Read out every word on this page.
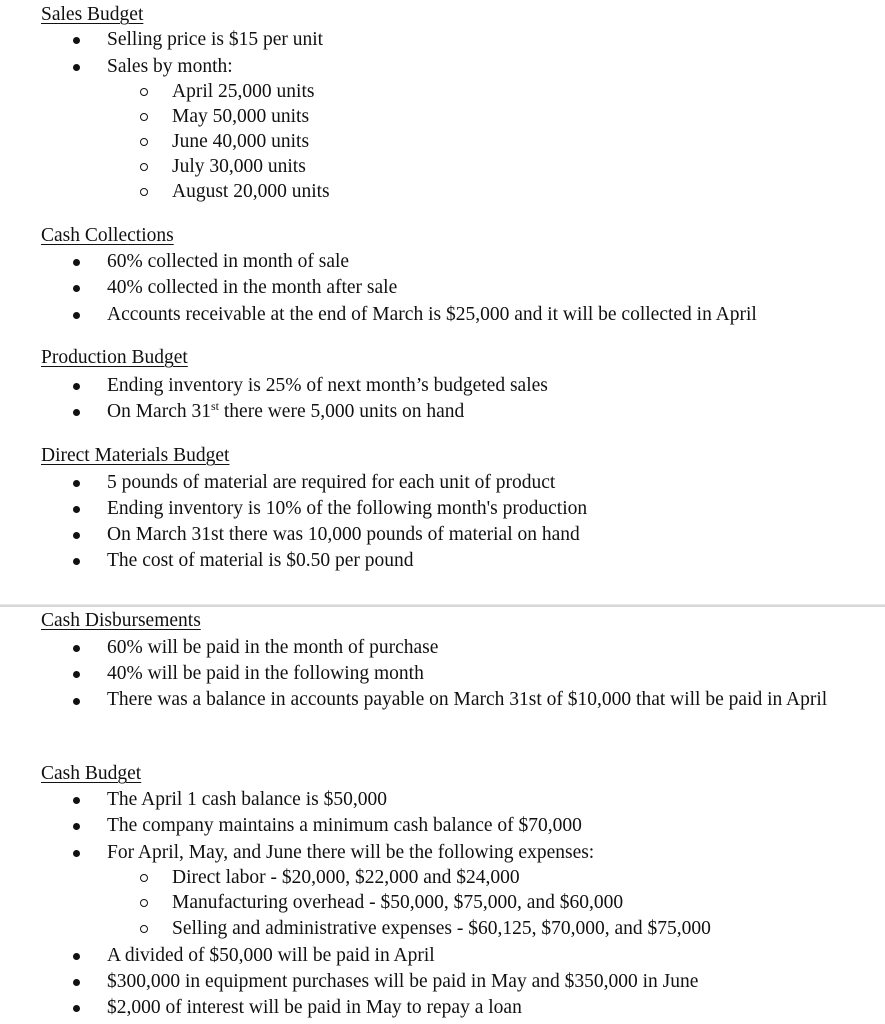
Sales Budget
Selling price is $15 per unit
Sales by month:
April 25,000 units
May 50,000 units
June 40,000 units
July 30,000 units
August 20,000 units
Cash Collections
60% collected in month of sale
40% collected in the month after sale
Accounts receivable at the end of March is $25,000 and it will be collected in April
Production Budget
Ending inventory is 25% of next month’s budgeted sales
On March 31st there were 5,000 units on hand
Direct Materials Budget
5 pounds of material are required for each unit of product
Ending inventory is 10% of the following month's production
On March 31st there was 10,000 pounds of material on hand
The cost of material is $0.50 per pound
Cash Disbursements
60% will be paid in the month of purchase
40% will be paid in the following month
There was a balance in accounts payable on March 31st of $10,000 that will be paid in April
Cash Budget
The April 1 cash balance is $50,000
The company maintains a minimum cash balance of $70,000
For April, May, and June there will be the following expenses:
Direct labor - $20,000, $22,000 and $24,000
Manufacturing overhead - $50,000, $75,000, and $60,000
Selling and administrative expenses - $60,125, $70,000, and $75,000
A divided of $50,000 will be paid in April
$300,000 in equipment purchases will be paid in May and $350,000 in June
$2,000 of interest will be paid in May to repay a loan
